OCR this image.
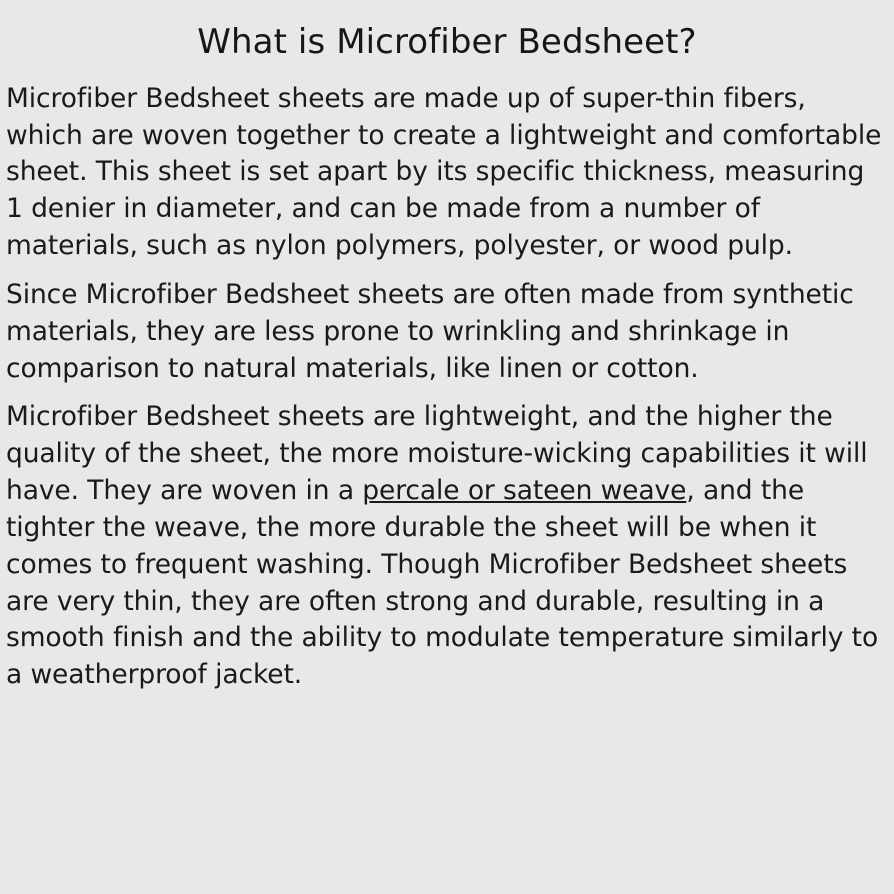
What is Microfiber Bedsheet?

Microfiber Bedsheet sheets are made up of super-thin fibers, which are woven together to create a lightweight and comfortable sheet. This sheet is set apart by its specific thickness, measuring 1 denier in diameter, and can be made from a number of materials, such as nylon polymers, polyester, or wood pulp.

Since Microfiber Bedsheet sheets are often made from synthetic materials, they are less prone to wrinkling and shrinkage in comparison to natural materials, like linen or cotton.

Microfiber Bedsheet sheets are lightweight, and the higher the quality of the sheet, the more moisture-wicking capabilities it will have. They are woven in a percale or sateen weave, and the tighter the weave, the more durable the sheet will be when it comes to frequent washing. Though Microfiber Bedsheet sheets are very thin, they are often strong and durable, resulting in a smooth finish and the ability to modulate temperature similarly to a weatherproof jacket.
